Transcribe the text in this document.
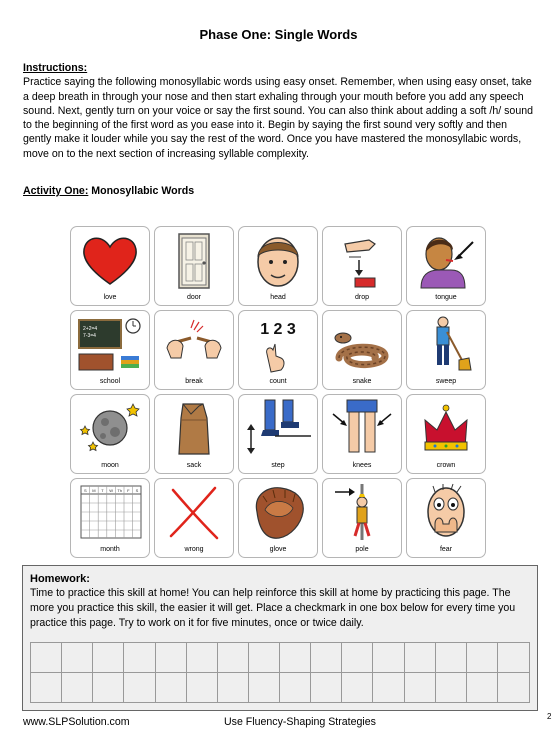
Phase One: Single Words
Instructions:
Practice saying the following monosyllabic words using easy onset. Remember, when using easy onset, take a deep breath in through your nose and then start exhaling through your mouth before you add any speech sound. Next, gently turn on your voice or say the first sound. You can also think about adding a soft /h/ sound to the beginning of the first word as you ease into it. Begin by saying the first sound very softly and then gently make it louder while you say the rest of the word. Once you have mastered the monosyllabic words, move on to the next section of increasing syllable complexity.
Activity One: Monosyllabic Words
love	door	head	drop	tongue
2+2=4
7-3=4
school	break
1 2 3
count	snake	sweep
moon	sack	step	knees	crown
S M T W Th F S
month	wrong	glove	pole	fear
Homework:
Time to practice this skill at home! You can help reinforce this skill at home by practicing this page. The more you practice this skill, the easier it will get. Place a checkmark in one box below for every time you practice this page. Try to work on it for five minutes, once or twice daily.
www.SLPSolution.com	Use Fluency-Shaping Strategies	2
